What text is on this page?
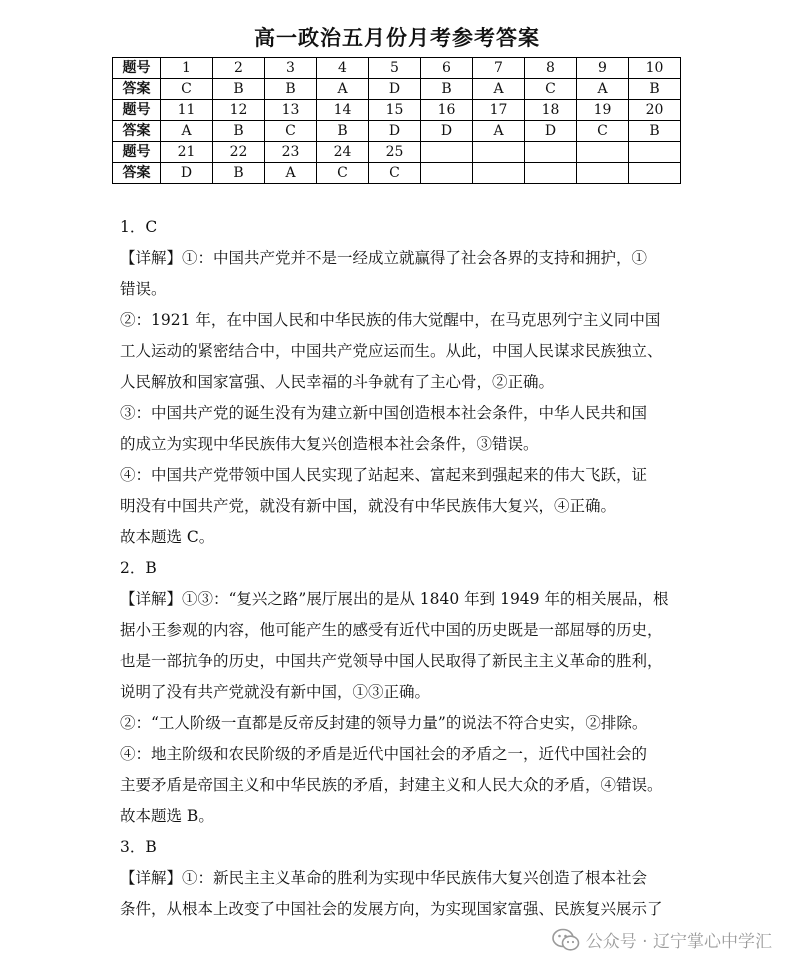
高一政治五月份月考参考答案
题号	1	2	3	4	5	6	7	8	9	10
答案	C	B	B	A	D	B	A	C	A	B
题号	11	12	13	14	15	16	17	18	19	20
答案	A	B	C	B	D	D	A	D	C	B
题号	21	22	23	24	25					
答案	D	B	A	C	C					
1．C
【详解】①：中国共产党并不是一经成立就赢得了社会各界的支持和拥护，①
错误。
②：1921 年，在中国人民和中华民族的伟大觉醒中，在马克思列宁主义同中国
工人运动的紧密结合中，中国共产党应运而生。从此，中国人民谋求民族独立、
人民解放和国家富强、人民幸福的斗争就有了主心骨，②正确。
③：中国共产党的诞生没有为建立新中国创造根本社会条件，中华人民共和国
的成立为实现中华民族伟大复兴创造根本社会条件，③错误。
④：中国共产党带领中国人民实现了站起来、富起来到强起来的伟大飞跃，证
明没有中国共产党，就没有新中国，就没有中华民族伟大复兴，④正确。
故本题选 C。
2．B
【详解】①③：“复兴之路”展厅展出的是从 1840 年到 1949 年的相关展品，根
据小王参观的内容，他可能产生的感受有近代中国的历史既是一部屈辱的历史，
也是一部抗争的历史，中国共产党领导中国人民取得了新民主主义革命的胜利，
说明了没有共产党就没有新中国，①③正确。
②：“工人阶级一直都是反帝反封建的领导力量”的说法不符合史实，②排除。
④：地主阶级和农民阶级的矛盾是近代中国社会的矛盾之一，近代中国社会的
主要矛盾是帝国主义和中华民族的矛盾，封建主义和人民大众的矛盾，④错误。
故本题选 B。
3．B
【详解】①：新民主主义革命的胜利为实现中华民族伟大复兴创造了根本社会
条件，从根本上改变了中国社会的发展方向，为实现国家富强、民族复兴展示了
公众号 · 辽宁掌心中学汇
